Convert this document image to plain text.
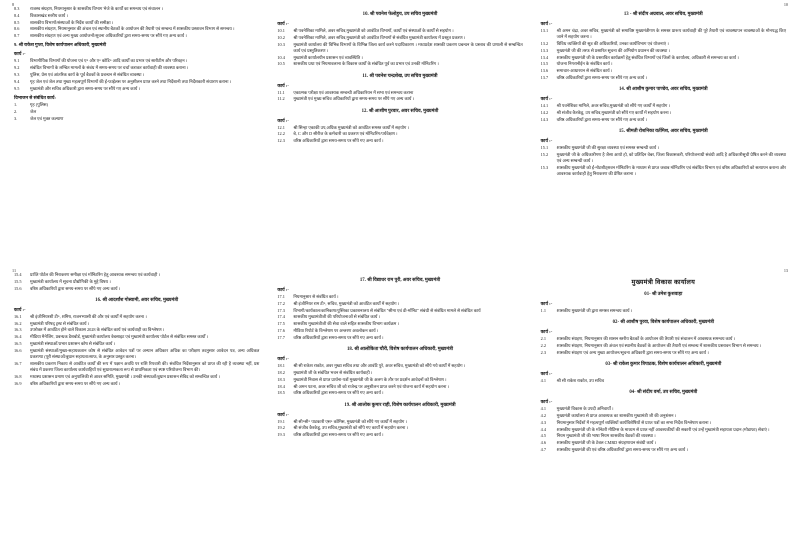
8	10
8.3	राजस्व संग्रहण, नियमानुसार के शासकीय विभाग भेजे के कार्यों का समन्वय एवं संचालन ।
8.4	विकासखंड स्तरीय कार्य ।
8.5	शासकीय विभागों/संस्थाओं के निर्देश कार्यों की समीक्षा ।
8.6	शासकीय संग्रहण, नियमानुसार की अंचल एवं स्थानीय बैठकों के आयोजन की तैयारी एवं सम्बन्ध में शासकीय प्रस्तावन विभाग से समन्वय ।
8.7	शासकीय संग्रहण एवं अन्य मुख्य आयोजनों/सूचना अधिकारियों द्वारा समय-समय पर सौंपे गए अन्य कार्य ।
9. श्री राकेश गुप्ता, विशेष कार्यपालन अधिकारी, मुख्यमंत्री
कार्य :-
9.1	विभागीयिक विभागों की योजना एवं ए॰ और ए॰ कोडि॰ आदि कार्यों का प्रभार एवं सारीटीम और परिवहन ।
9.2	संबंधित विभागों के लम्बित मामलों के संबंध में समय-समय पर चर्चा कराकर कार्यवाही की व्यवस्था कराना ।
9.3	पुलिस, प्रेस एवं आंतरिक कार्य के पूर्व बैठकों के प्रबन्धन से संबंधित व्यवस्था ।
9.4	गृह जेल एवं जेल तथा मुख्य महत्वपूर्ण विभागों की ई-फाईलस पर अनुशीलन प्राप्त करने तथा निर्देशानी तथा निर्देशकारी संधारण कराना ।
9.5	मुख्यमंत्री और सचिव अधिकारी द्वारा समय-समय पर सौंपे गए अन्य कार्य ।
विभाजन से संबंधित कार्य:
1.	गृह (पुलिस)
2.	जेल
3.	जेल एवं मुक्त कल्याण
10. श्री पवनेश फेलोहुय, उप सचिव मुख्यमंत्री
कार्य :-
10.1	श्री पवनेशिका मामिले, अवर सचिव,मुख्यमंत्री को आवंटित विभागों, कार्यों एवं संस्थाओं के कार्यों से सहयोग ।
10.2	श्री पवनेशिका मामिले, अवर सचिव,मुख्यमंत्री को आवंटित विभागों से संबंधित मुख्यमंत्री कार्यालय में प्रस्तुत प्रकरण ।
10.3	मुख्यमंत्री कार्यालय की विभिन्न विभागों के विभिन्न जिला कार्य करने पदाधिकारण । मध्यप्रदेश शासकी प्रकरण प्रबन्धन के प्रस्ताव की प्रणाली से सम्बन्धित कार्य एवं प्रस्तुतिकरण ।
10.4	मुख्यमंत्री कार्यालयीन प्रशासन एवं व्यवस्थिति ।
10.5	शासकीय प्रथा एवं नियमावलाना के विकास कार्यों के संबंधित पूर्व का प्रभार एवं उनकी मॉनिटरिंग ।
11. श्री पवनेश चन्द्रशेख, उप सचिव मुख्यमंत्री
कार्य :-
11.1	एकात्मक परीक्षा एवं आवश्यक सम्बन्धी अधिकारियन में सभा एवं समन्वय कराना
11.2	मुख्यमंत्री एवं मुख्य सचिव अधिकारियों द्वारा समय-समय पर सौंपे गए अन्य कार्य ।
12. श्री आशीष पुरवार, अवर सचिव, मुख्यमंत्री
कार्य :-
12.1	श्री सिन्हा एकाकी उप,अधिक मुख्यमंत्री को आवंटित समस्त कार्यों में सहयोग ।
12.2	बे, C और D सीरीज के कर्मचारी का प्रकरण एवं मॉनिटरिंग/पर्यवेक्षण ।
12.3	वरिष्ठ अधिकारियों द्वारा समय-समय पर सौंपे गए अन्य कार्य ।
13 - श्री संदीप अग्रवाल, अवर सचिव, मुख्यमंत्री
कार्य :-
13.1	श्री अमन चंद्रा, अवर सचिव, मुख्यमंत्री को समाविष्ट मुख्यमंत्रीगण के समस्त प्रारूप कार्यवाही की पूरे तैयारी एवं व्यवस्थापन व्यवस्थाओं के मोनपद्ध किए जाने में सहयोग करना ।
13.2	विविध व्यक्तियों की सूत्र की अधिकारियों, उनका कार्यविभाग एवं योजनाएं ।
13.3	मुख्यमंत्री जी की तरफ से प्रसारित सूचना की अभियोग प्रधानन की व्यवस्था ।
13.4	शासकीय मुख्यमंत्री जी के प्रस्तावित कार्यक्रमों हेतु संबंधित विभागों एवं जिलों के कार्यालय, अधिकारी से समन्वय का कार्य ।
13.5	योजना निगरानीईन के संबंधित कार्य ।
13.6	समाचार-आधारयन से संबंधित कार्य ।
13.7	वरिष्ठ अधिकारियों द्वारा समय-समय पर सौंपे गए अन्य कार्य ।
14. श्री आशीष कुमार पाण्डेय, अवर सचिव, मुख्यमंत्री
कार्य :-
14.1	श्री पवनेशिका मामिले, अवर सचिव,मुख्यमंत्री को सौंपे गए कार्यों में सहयोग ।
14.2	श्री संजीव कैरकेडू, उप सचिव,मुख्यमंत्री को सौंपे गए कार्यों में सहयोग करना ।
14.3	वरिष्ठ अधिकारियों द्वारा समय-समय पर सौंपे गए अन्य कार्य ।
15. श्रीमती रोशनिका वर्तमिश, अवर सचिव, मुख्यमंत्री
कार्य :-
15.1	शासकीय मुख्यमंत्री जी की सुरक्षा व्यवस्था एवं समस्त सम्बन्धी कार्य ।
15.2	मुख्यमंत्री जी के अधिकारीगण है जैसा आयो हो, को प्रतिदिन वेबर, जिला विकासकरी, परियोजनाधी संबंधी आदि है अधिकारीसूची प्रेषित करने की व्यवस्था एवं अन्य सम्बन्धी कार्य ।
15.3	शासकीय मुख्यमंत्री को ई-नोटशीट्सवन मॉनिटरिंग के माध्यम से प्राप्त जबाब मॉनिटरिंग एवं संबंधित विभाग एवं वरिष्ठ अधिकारियों को सत्यापन कराना और आवश्यक कार्यवाही हेतु निराकरण की प्रेषित कराना ।
11	13
15.4	प्राप्ति पोर्टल की निराकरण समीक्षा एवं मॉनिटरिंग हेतु आवश्यक समन्वय एवं कार्यवाही ।
15.5	मुख्यमंत्री कार्यालय में सूचना प्रौद्योगिकी के मुद्दे विषय ।
15.6	वरिष्ठ अधिकारियों द्वारा समय-समय पर सौंपे गए अन्य कार्य ।
16. श्री आदर्शांश गोस्वामी, अवर सचिव, मुख्यमंत्री
कार्य :-
16.1	श्री इंजीनियरशी टी॰, शमिष, राजनभ्यासी की और एवं कार्यों में सहयोग करना ।
16.2	मुख्यमंत्री परिषद् ट्रस्ट से संबंधित कार्य ।
16.3	उपरोक्त में आवंटित होने वाले विकास 2028 के संबंधित कार्य एवं कार्यवाही का विश्लेषण ।
16.4	मीडिया मैनेजिंग, प्रबन्धक डैशबोर्ड, मुख्यमंत्री कार्यालय वेबसाइट एवं मुख्यमंत्री कार्यालय पोर्टल से संबंधित समस्त कार्यों ।
16.5	मुख्यमंत्री संस्थाओं/प्रभार प्रशासन कोष से संबंधित कार्य ।
16.6	मुख्यमंत्री संस्थाओं/मुख्य-सहायकतान कोष से संबंधित आवेदन पत्रों पर अन्यान अधिकार अधिक का परीक्षण तदनुसार आवेदन पत्र, अन्य अधिकत प्रकरण्या (पूरी संस्थाओं/बुधान सहायता/साफ, के अनुसार प्रस्तुत करना।
16.7	शासकीय प्रकरण निकाय से आवंटित कार्यों की रूप में पक्षान अवधि पर राशि रिपवारी की। संबंधित निर्देशानुसार को प्राप्त की रही है व्यवस्था नहीं, प्रश संबंध में प्रकरण जिला कार्यालय कार्यवाहियों एवं सुधारात्मकता रूप से प्राथमिकता एवं स्पष्ट परियोजना विभाग की।
16.8	मध्यस्थ प्रशासन प्रमाण एवं अनुपालिकी से आवर समिति, मुख्यमंत्री । उनकी संस्थाओं/बुधान प्रशासन सेविद को सम्बन्धित कार्य ।
16.9	वरिष्ठ अधिकारियों द्वारा समय-समय पर सौंपे गए अन्य कार्य ।
17. श्री विद्याधर राम पुरी, अवर सचिव, मुख्यमंत्री
कार्य :-
17.1	नियमानुसार से संबंधित कार्य ।
17.2	श्री इंजीनियर राम टी॰, सचिव, मुख्यमंत्री को आवंटित कार्यों में सहयोग ।
17.3	विभागी/कार्यकाल/कानिकाष/पुस्तिका प्रकाशनालय से संबंधित "सीमा एवं डी-मॉनिट" संबंधी से संबंधित मामले से संबंधित कार्य
17.4	शासकीय मुख्यमंत्रीजी की परियोजनाओं से संबंधित कार्य ।
17.5	शासकीय मुख्यमंत्रीजी की सेवा वाले सहित शासकीय विभाग कार्यक्रम ।
17.6	मीडिया रिपोर्ट के विश्लेषण पर अन्तरण अवलोकन कार्य ।
17.7	वरिष्ठ अधिकारियों द्वारा समय-समय पर सौंपे गए अन्य कार्य ।
18. श्री आलोकिता चौरी, विशेष कार्यपालन अधिकारी, मुख्यमंत्री
कार्य :-
18.1	श्री सी राकेश राकोत, अवर मुख्य सचिव तथा और आवंटि पुरे, अवर सचिव, मुख्यमंत्री को सौंपे गये कार्यों में सहयोग ।
18.2	मुख्यमंत्री जी के संबंधित भवन से संबंधित कार्यवाही ।
18.3	मुख्यमंत्री निवास से प्राप्त प्रार्थना-पत्रों मुख्यमंत्री जी के अलग के तौर पर प्रदर्शन आवेदनों को विश्लेषण ।
18.4	श्री अमन पटना, अवर सचिव जी को राजेन्द्र पर अनुशीलन प्राप्त करने एवं योजना कार्य में सहयोग करना ।
18.5	वरिष्ठ अधिकारियों द्वारा समय-समय पर सौंपे गए अन्य कार्य ।
19. श्री आलोक कुमार राही, विशेष कार्यपालन अधिकारी, मुख्यमंत्री
कार्य :-
19.1	श्री सी॰सी॰ पाटकारी एस॰ कॉमिस, मुख्यमंत्री को सौंपे गए कार्यों में सहयोग ।
19.2	श्री संजीव कैरकेडू, उप सचिव,मुख्यमंत्री को सौंपे गए कार्यों में सहयोग करना ।
19.3	वरिष्ठ अधिकारियों द्वारा समय-समय पर सौंपे गए अन्य कार्य ।
मुख्यमंत्री विकास कार्यालय
01- श्री उमेश कुशवाहा
कार्य :-
1.1	शासकीय मुख्यमंत्री जी द्वारा समस्त समन्वय कार्य ।
02- श्री आशीष पुरवा, विशेष कार्यपालन अधिकारी, मुख्यमंत्री
कार्य :-
2.1	शासकीय संग्रहण, नियमानुसार की शासन स्तरीय बैठकों के आयोजन की तैयारी एवं संचालन में आवश्यक समन्वय कार्य ।
2.2	शासकीय संग्रहण, नियमानुसार की अंचल एवं स्थानीय बैठकों के आयोजन की तैयारी एवं सम्बन्ध में शासकीय प्रस्तावन विभाग से समन्वय ।
2.3	शासकीय संग्रहण एवं अन्य मुख्य आयोजन/सूचना अधिकारी द्वारा समय-समय पर सौंपे गए अन्य कार्य ।
03- श्री राकेश कुमार त्रिपाठक, विशेष कार्यपालन अधिकारी, मुख्यमंत्री
कार्य :-
4.1	श्री सी राकेश राकोत, उप सचिव
04- श्री संदीप वर्मा, उप सचिव, मुख्यमंत्री
कार्य :-
4.1	मुख्यमंत्री विकास के उपदी अनिवार्यों ।
4.2	मुख्यमंत्री कार्यालय से प्राप्त आवश्यक का शासकीय मुख्यमंत्री जी की अनुशंसन ।
4.3	नियमानुसार निर्देशों में महत्वपूर्ण व्यक्तियों कार्यविशेषियों से प्राप्त पत्रों का सभा निर्देश विश्लेषण कराना ।
4.4	शासकीय मुख्यमंत्री जी के मॉनेटरी मीटिंग्स के माध्यम से प्राप्त नहीं आवश्यकीयों की सकारी एवं उन्हें मुख्यमंत्री सहायता प्रदान (मोडाफा) सेवाएं ।
4.5	नियम मुख्यमंत्री जी की भाषा नियम शासकीय बैठकों की व्यवस्था ।
4.6	शासकीय मुख्यमंत्री जी के टेबल CMRD संग्रहणाधन संबंधी कार्य ।
4.7	शासकीय मुख्यमंत्री की एवं वरिष्ठ अधिकारियों द्वारा समय-समय पर सौंपे गए अन्य कार्य ।
